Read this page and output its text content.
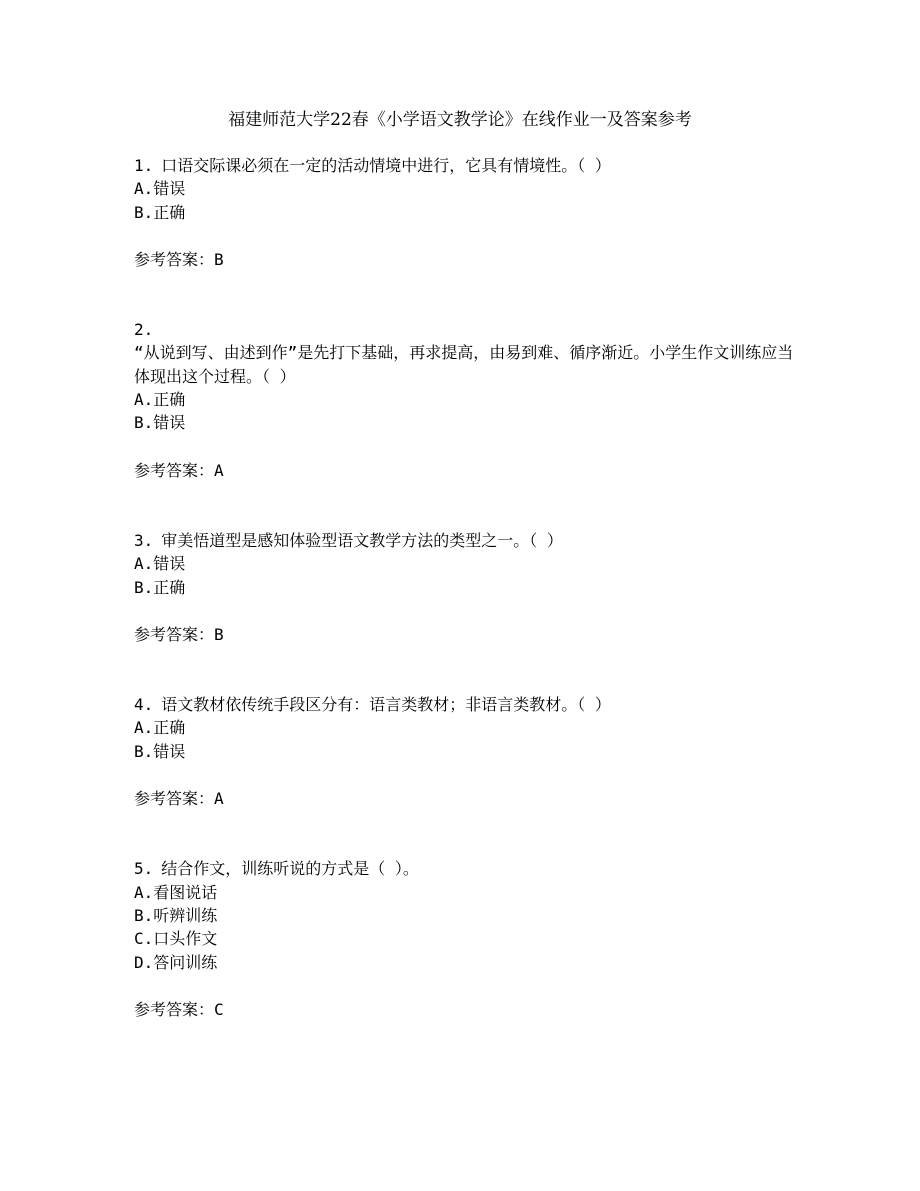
福建师范大学22春《小学语文教学论》在线作业一及答案参考

1. 口语交际课必须在一定的活动情境中进行，它具有情境性。（ ）

A.错误

B.正确

参考答案：B

2.
“从说到写、由述到作”是先打下基础，再求提高，由易到难、循序渐近。小学生作文训练应当体现出这个过程。（ ）

A.正确

B.错误

参考答案：A

3. 审美悟道型是感知体验型语文教学方法的类型之一。（ ）

A.错误

B.正确

参考答案：B

4. 语文教材依传统手段区分有：语言类教材；非语言类教材。（ ）

A.正确

B.错误

参考答案：A

5. 结合作文，训练听说的方式是（ ）。

A.看图说话

B.听辨训练

C.口头作文

D.答问训练

参考答案：C
